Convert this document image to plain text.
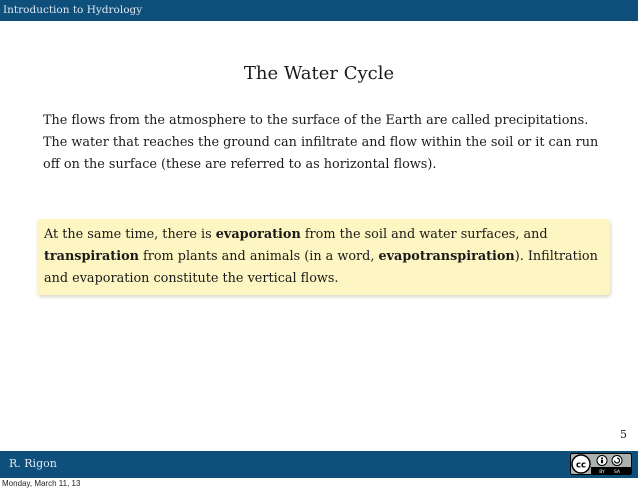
Introduction to Hydrology
The Water Cycle
The flows from the atmosphere to the surface of the Earth are called precipitations. The water that reaches the ground can infiltrate and flow within the soil or it can run off on the surface (these are referred to as horizontal flows).
At the same time, there is evaporation from the soil and water surfaces, and transpiration from plants and animals (in a word, evapotranspiration). Infiltration and evaporation constitute the vertical flows.
5
R. Rigon	cc
BY SA
Monday, March 11, 13
